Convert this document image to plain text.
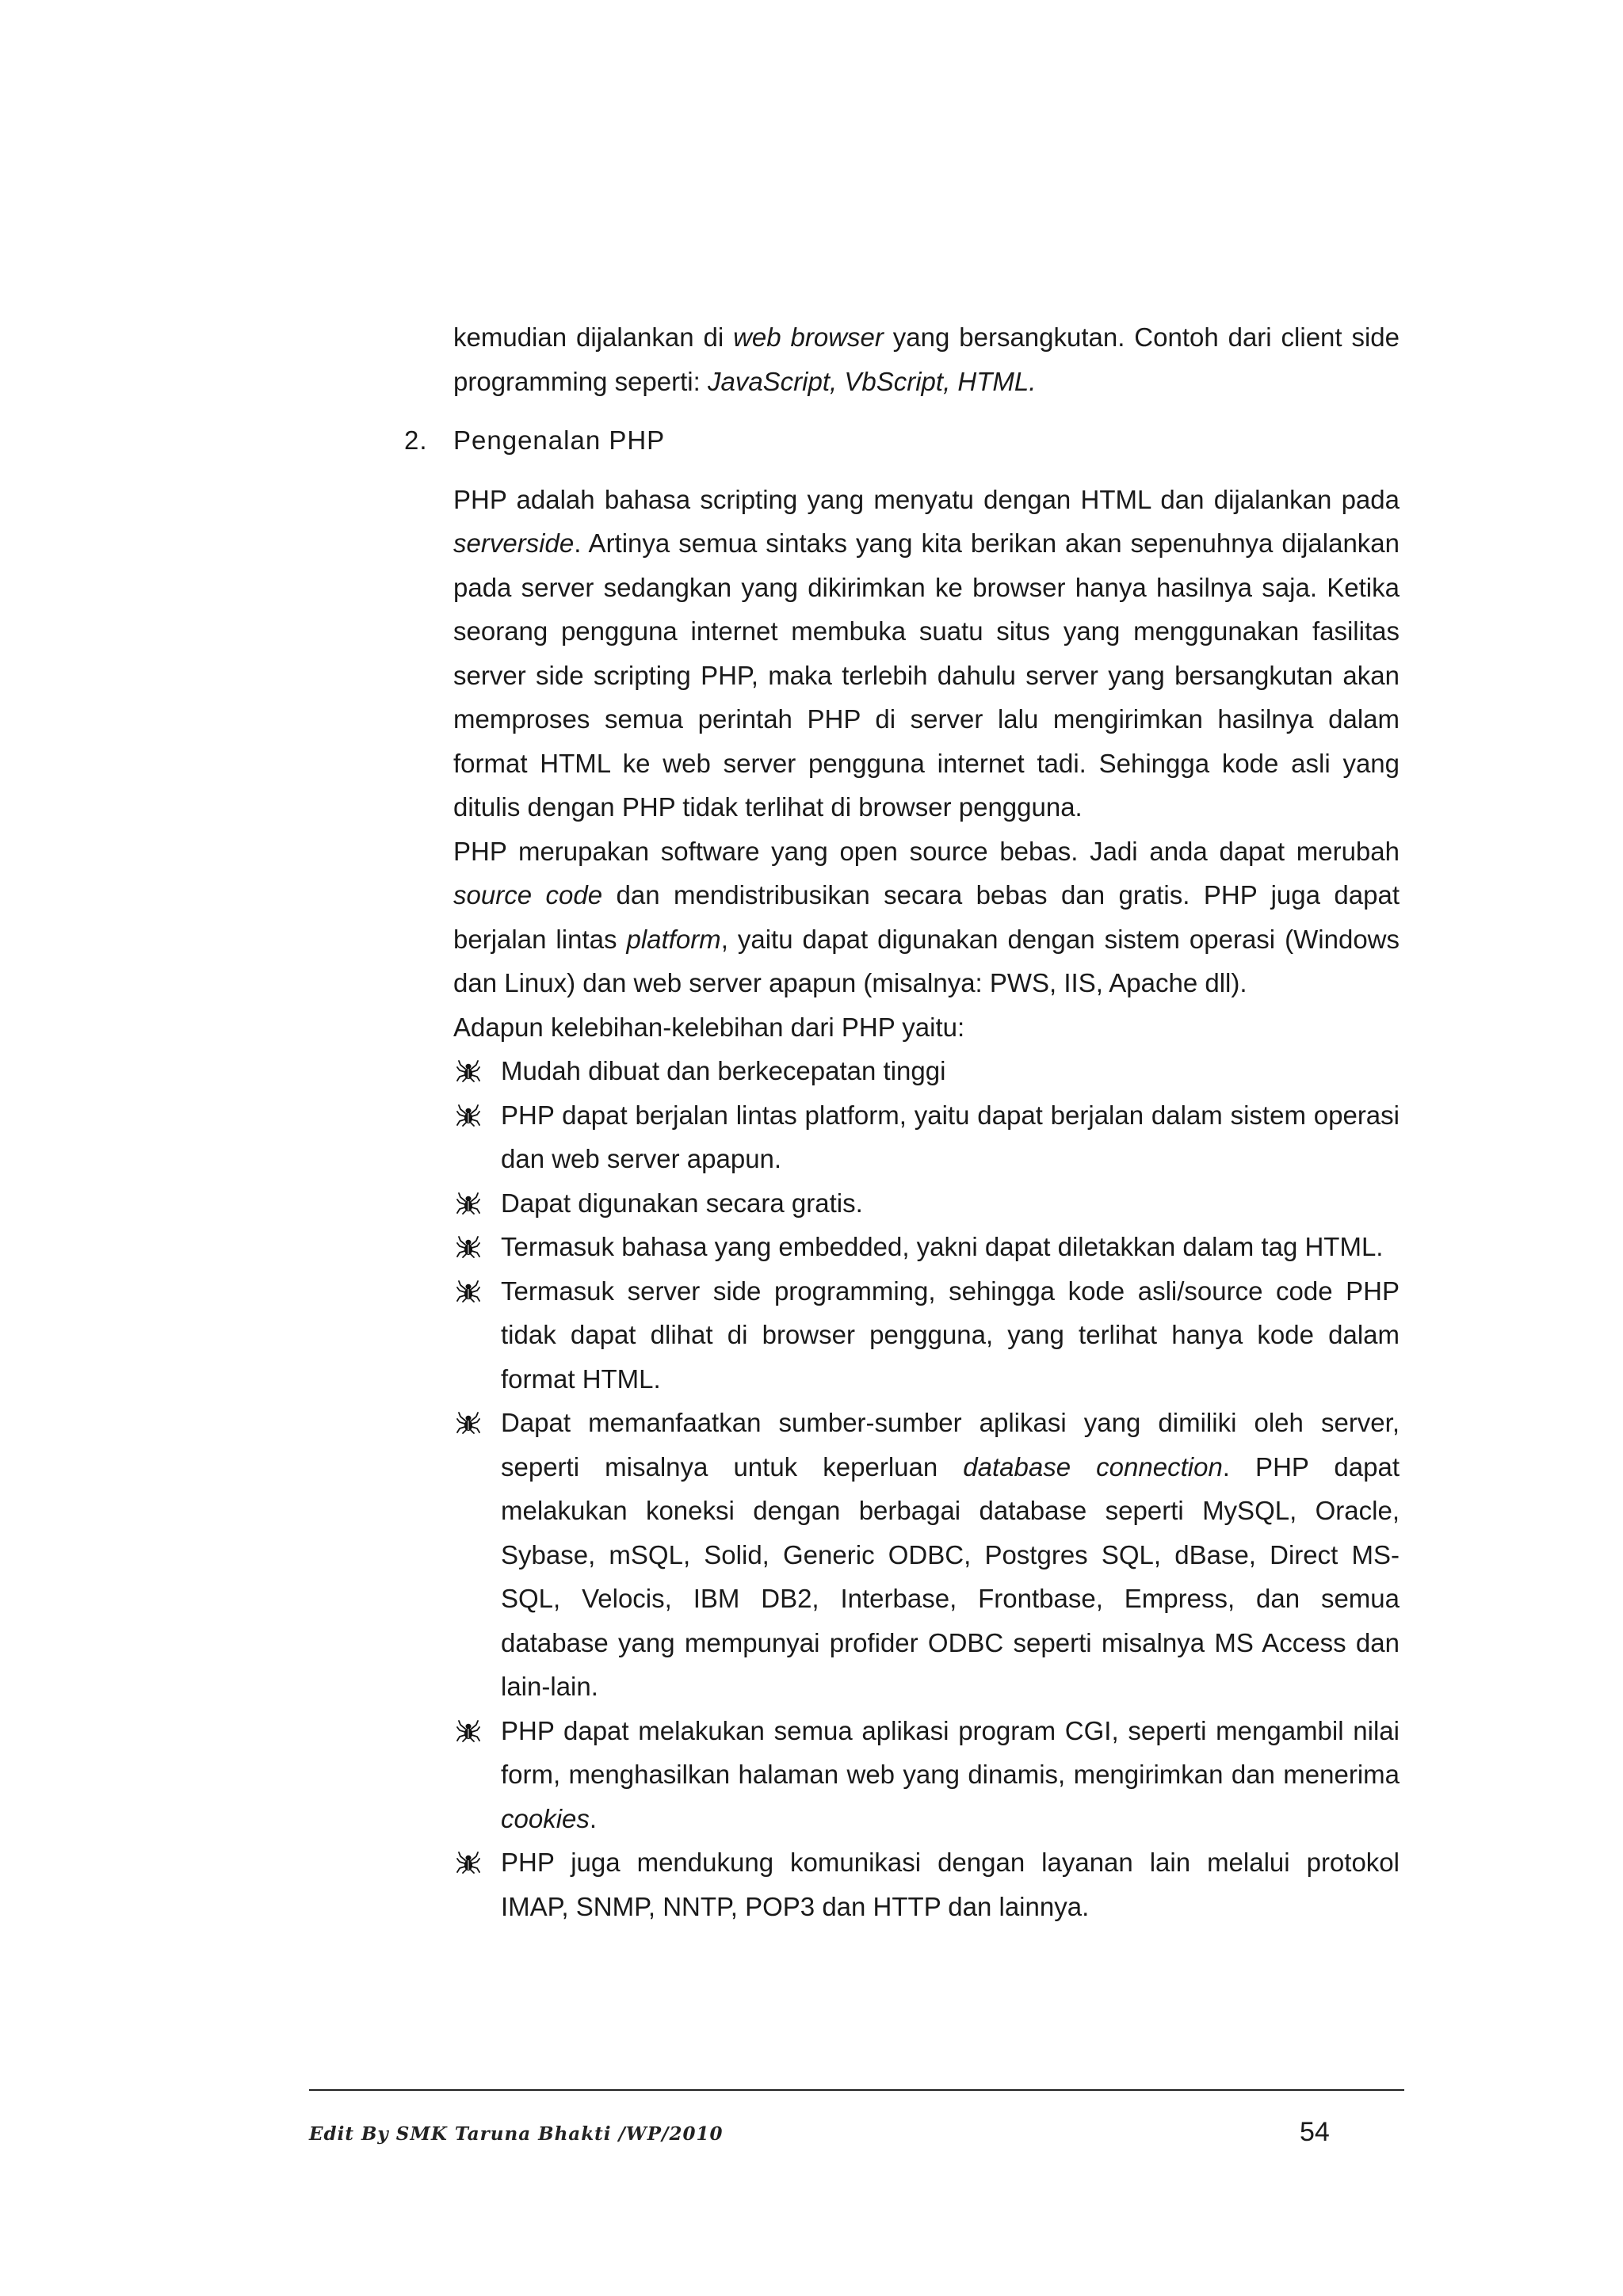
kemudian dijalankan di web browser yang bersangkutan. Contoh dari client side programming seperti: JavaScript, VbScript, HTML.

2. Pengenalan PHP

PHP adalah bahasa scripting yang menyatu dengan HTML dan dijalankan pada serverside. Artinya semua sintaks yang kita berikan akan sepenuhnya dijalankan pada server sedangkan yang dikirimkan ke browser hanya hasilnya saja. Ketika seorang pengguna internet membuka suatu situs yang menggunakan fasilitas server side scripting PHP, maka terlebih dahulu server yang bersangkutan akan memproses semua perintah PHP di server lalu mengirimkan hasilnya dalam format HTML ke web server pengguna internet tadi. Sehingga kode asli yang ditulis dengan PHP tidak terlihat di browser pengguna.

PHP merupakan software yang open source bebas. Jadi anda dapat merubah source code dan mendistribusikan secara bebas dan gratis. PHP juga dapat berjalan lintas platform, yaitu dapat digunakan dengan sistem operasi (Windows dan Linux) dan web server apapun (misalnya: PWS, IIS, Apache dll).

Adapun kelebihan-kelebihan dari PHP yaitu:

Mudah dibuat dan berkecepatan tinggi
PHP dapat berjalan lintas platform, yaitu dapat berjalan dalam sistem operasi dan web server apapun.
Dapat digunakan secara gratis.
Termasuk bahasa yang embedded, yakni dapat diletakkan dalam tag HTML.
Termasuk server side programming, sehingga kode asli/source code PHP tidak dapat dlihat di browser pengguna, yang terlihat hanya kode dalam format HTML.
Dapat memanfaatkan sumber-sumber aplikasi yang dimiliki oleh server, seperti misalnya untuk keperluan database connection. PHP dapat melakukan koneksi dengan berbagai database seperti MySQL, Oracle, Sybase, mSQL, Solid, Generic ODBC, Postgres SQL, dBase, Direct MS-SQL, Velocis, IBM DB2, Interbase, Frontbase, Empress, dan semua database yang mempunyai profider ODBC seperti misalnya MS Access dan lain-lain.
PHP dapat melakukan semua aplikasi program CGI, seperti mengambil nilai form, menghasilkan halaman web yang dinamis, mengirimkan dan menerima cookies.
PHP juga mendukung komunikasi dengan layanan lain melalui protokol IMAP, SNMP, NNTP, POP3 dan HTTP dan lainnya.
Edit By SMK Taruna Bhakti /WP/2010	54
